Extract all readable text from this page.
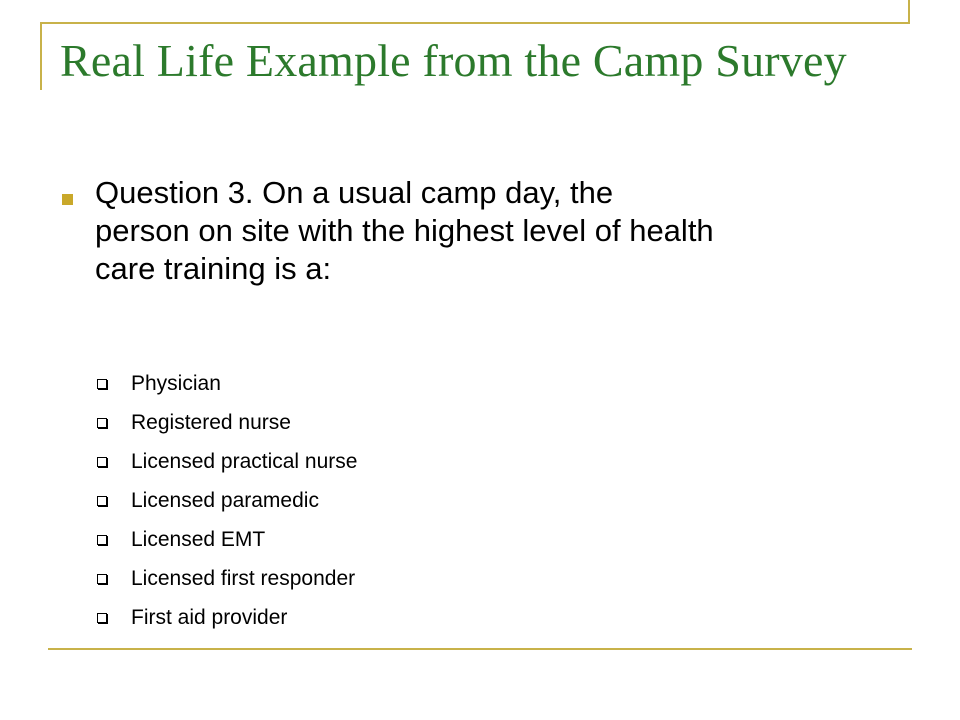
Real Life Example from the Camp Survey
Question 3. On a usual camp day, the
person on site with the highest level of health
care training is a:
Physician
Registered nurse
Licensed practical nurse
Licensed paramedic
Licensed EMT
Licensed first responder
First aid provider
